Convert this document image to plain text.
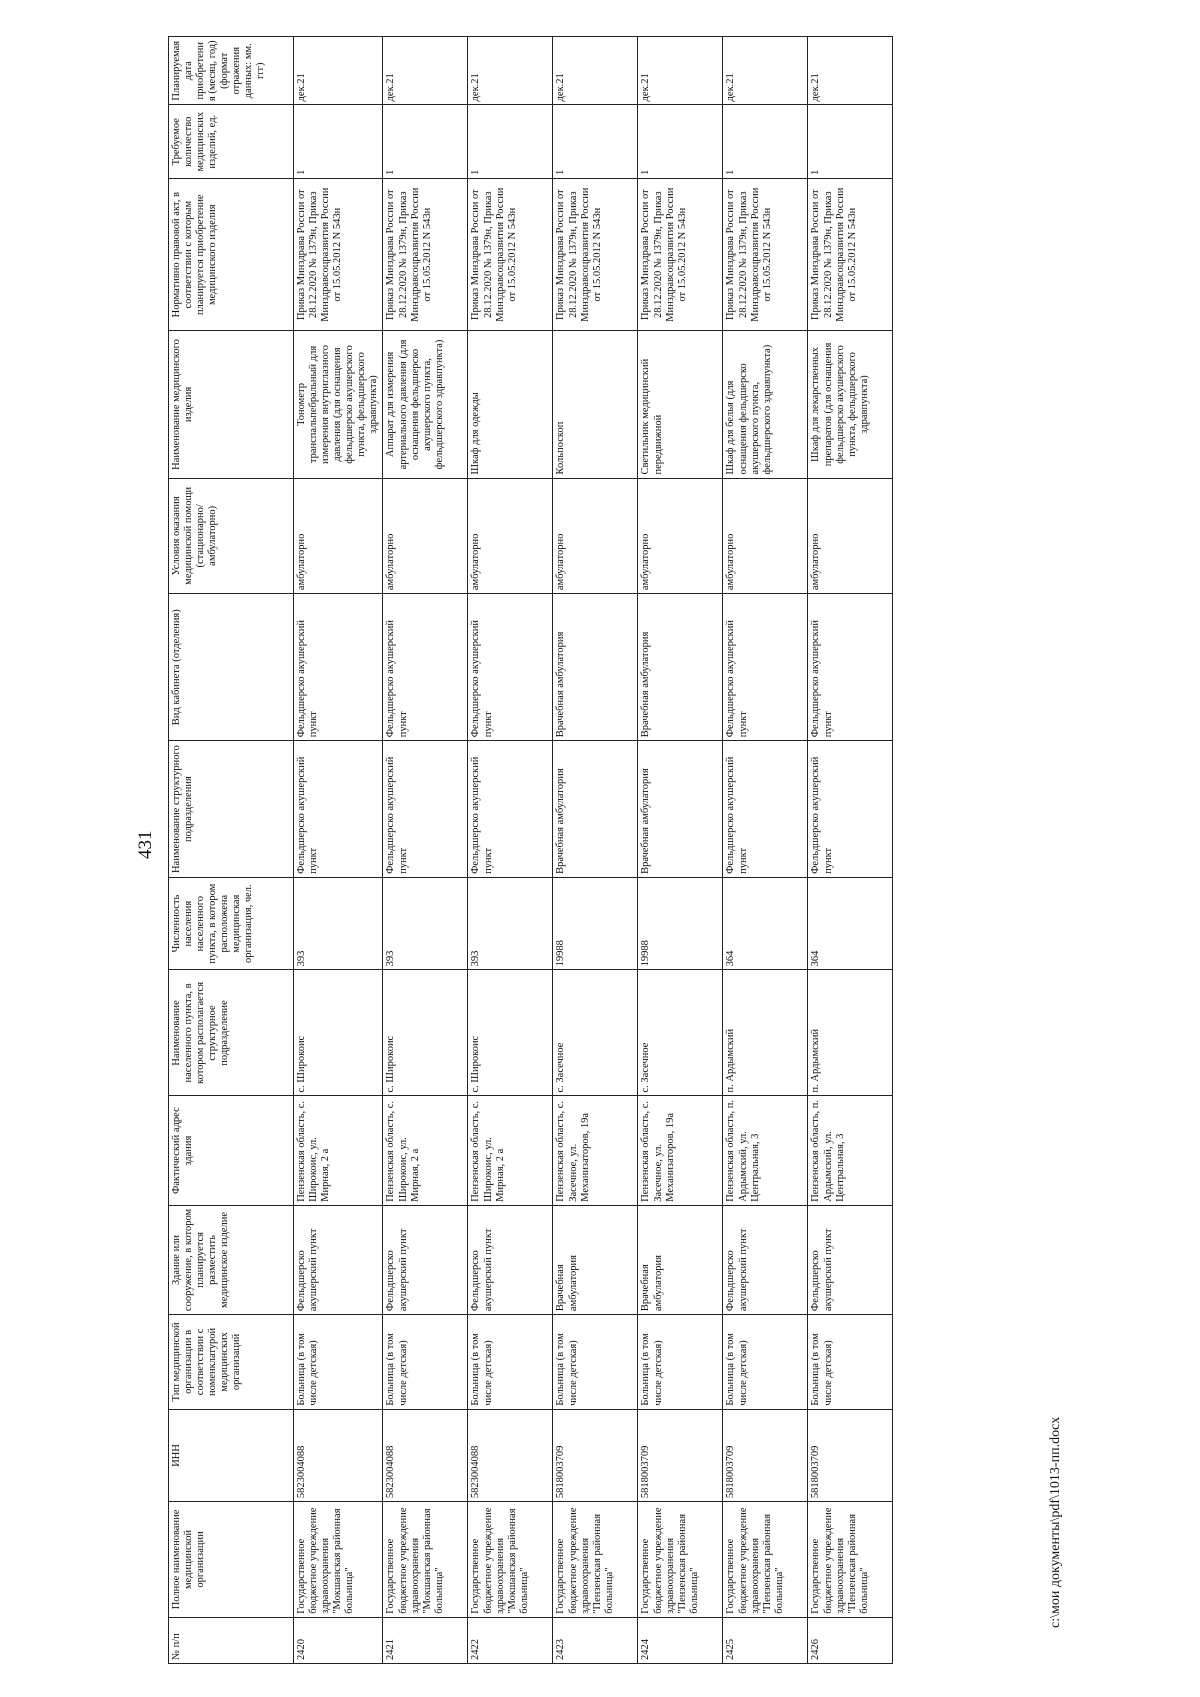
431
№ п/п	Полное наименование медицинской организации	ИНН	Тип медицинской организации в соответствии с номенклатурой медицинских организаций	Здание или сооружение, в котором планируется разместить медицинское изделие	Фактический адрес здания	Наименование населенного пункта, в котором располагается структурное подразделение	Численность населения населенного пункта, в котором расположена медицинская организация, чел.	Наименование структурного подразделения	Вид кабинета (отделения)	Условия оказания медицинской помощи (стационарно/ амбулаторно)	Наименование медицинского изделия	Нормативно правовой акт, в соответствии с которым планируется приобретение медицинского изделия	Требуемое количество медицинских изделий, ед.	Планируемая дата приобретения (месяц, год) (формат отражения данных: мм. ггг)
2420	Государственное бюджетное учреждение здравоохранения "Мокшанская районная больница"	5823004088	Больница (в том числе детская)	Фельдшерско акушерский пункт	Пензенская область, с. Широкоис, ул. Мирная, 2 а	с. Широкоис	393	Фельдшерско акушерский пункт	Фельдшерско акушерский пункт	амбулаторно	Тонометр транспальпебральный для измерения внутриглазного давления (для оснащения фельдшерско акушерского пункта, фельдшерского здравпункта)	Приказ Минздрава России от 28.12.2020 № 1379н, Приказ Минздравсоцразвития России от 15.05.2012 N 543н	1	дек.21
2421	Государственное бюджетное учреждение здравоохранения "Мокшанская районная больница"	5823004088	Больница (в том числе детская)	Фельдшерско акушерский пункт	Пензенская область, с. Широкоис, ул. Мирная, 2 а	с. Широкоис	393	Фельдшерско акушерский пункт	Фельдшерско акушерский пункт	амбулаторно	Аппарат для измерения артериального давления (для оснащения фельдшерско акушерского пункта, фельдшерского здравпункта)	Приказ Минздрава России от 28.12.2020 № 1379н, Приказ Минздравсоцразвития России от 15.05.2012 N 543н	1	дек.21
2422	Государственное бюджетное учреждение здравоохранения "Мокшанская районная больница"	5823004088	Больница (в том числе детская)	Фельдшерско акушерский пункт	Пензенская область, с. Широкоис, ул. Мирная, 2 а	с. Широкоис	393	Фельдшерско акушерский пункт	Фельдшерско акушерский пункт	амбулаторно	Шкаф для одежды	Приказ Минздрава России от 28.12.2020 № 1379н, Приказ Минздравсоцразвития России от 15.05.2012 N 543н	1	дек.21
2423	Государственное бюджетное учреждение здравоохранения "Пензенская районная больница"	5818003709	Больница (в том числе детская)	Врачебная амбулатория	Пензенская область, с. Засечное, ул. Механизаторов, 19а	с. Засечное	19988	Врачебная амбулатория	Врачебная амбулатория	амбулаторно	Кольпоскоп	Приказ Минздрава России от 28.12.2020 № 1379н, Приказ Минздравсоцразвития России от 15.05.2012 N 543н	1	дек.21
2424	Государственное бюджетное учреждение здравоохранения "Пензенская районная больница"	5818003709	Больница (в том числе детская)	Врачебная амбулатория	Пензенская область, с. Засечное, ул. Механизаторов, 19а	с. Засечное	19988	Врачебная амбулатория	Врачебная амбулатория	амбулаторно	Светильник медицинский передвижной	Приказ Минздрава России от 28.12.2020 № 1379н, Приказ Минздравсоцразвития России от 15.05.2012 N 543н	1	дек.21
2425	Государственное бюджетное учреждение здравоохранения "Пензенская районная больница"	5818003709	Больница (в том числе детская)	Фельдшерско акушерский пункт	Пензенская область, п. Ардымский, ул. Центральная, 3	п. Ардымский	364	Фельдшерско акушерский пункт	Фельдшерско акушерский пункт	амбулаторно	Шкаф для белья (для оснащения фельдшерско акушерского пункта, фельдшерского здравпункта)	Приказ Минздрава России от 28.12.2020 № 1379н, Приказ Минздравсоцразвития России от 15.05.2012 N 543н	1	дек.21
2426	Государственное бюджетное учреждение здравоохранения "Пензенская районная больница"	5818003709	Больница (в том числе детская)	Фельдшерско акушерский пункт	Пензенская область, п. Ардымский, ул. Центральная, 3	п. Ардымский	364	Фельдшерско акушерский пункт	Фельдшерско акушерский пункт	амбулаторно	Шкаф для лекарственных препаратов (для оснащения фельдшерско акушерского пункта, фельдшерского здравпункта)	Приказ Минздрава России от 28.12.2020 № 1379н, Приказ Минздравсоцразвития России от 15.05.2012 N 543н	1	дек.21
c:\мои документы\pdf\1013-пп.docx
